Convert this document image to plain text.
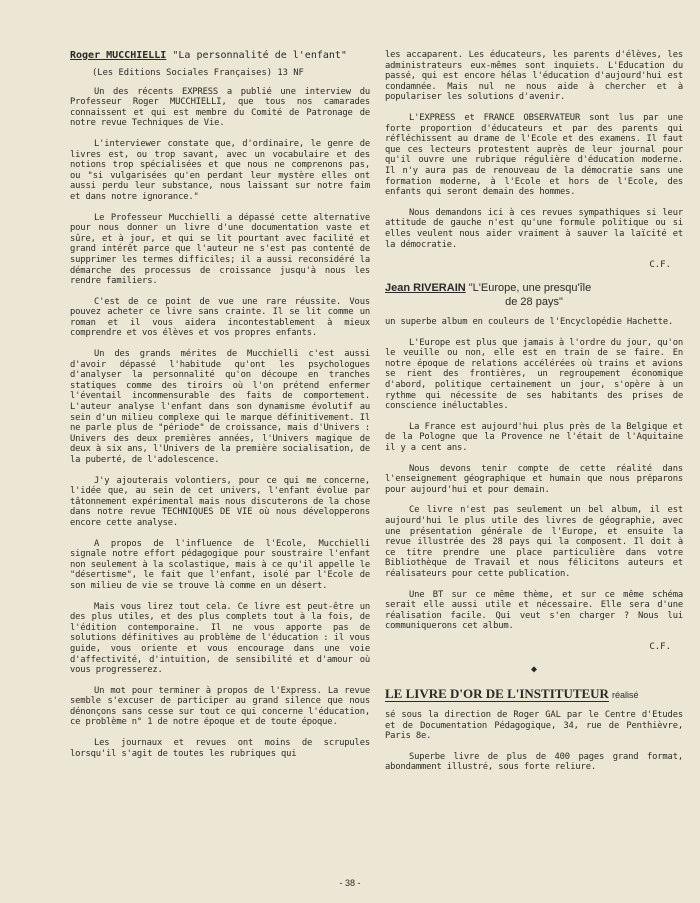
Roger MUCCHIELLI "La personnalité de l'enfant"
(Les Editions Sociales Françaises) 13 NF

Un des récents EXPRESS a publié une interview du Professeur Roger MUCCHIELLI, que tous nos camarades connaissent et qui est membre du Comité de Patronage de notre revue Techniques de Vie.

L'interviewer constate que, d'ordinaire, le genre de livres est, ou trop savant, avec un vocabulaire et des notions trop spécialisées et que nous ne comprenons pas, ou "si vulgarisées qu'en perdant leur mystère elles ont aussi perdu leur substance, nous laissant sur notre faim et dans notre ignorance."

Le Professeur Mucchielli a dépassé cette alternative pour nous donner un livre d'une documentation vaste et sûre, et à jour, et qui se lit pourtant avec facilité et grand intérêt parce que l'auteur ne s'est pas contenté de supprimer les termes difficiles; il a aussi reconsidéré la démarche des processus de croissance jusqu'à nous les rendre familiers.

C'est de ce point de vue une rare réussite. Vous pouvez acheter ce livre sans crainte. Il se lit comme un roman et il vous aidera incontestablement à mieux comprendre et vos élèves et vos propres enfants.

Un des grands mérites de Mucchielli c'est aussi d'avoir dépassé l'habitude qu'ont les psychologues d'analyser la personnalité qu'on découpe en tranches statiques comme des tiroirs où l'on prétend enfermer l'éventail incommensurable des faits de comportement. L'auteur analyse l'enfant dans son dynamisme évolutif au sein d'un milieu complexe qui le marque définitivement. Il ne parle plus de "période" de croissance, mais d'Univers : Univers des deux premières années, l'Univers magique de deux à six ans, l'Univers de la première socialisation, de la puberté, de l'adolescence.

J'y ajouterais volontiers, pour ce qui me concerne, l'idée que, au sein de cet univers, l'enfant évolue par tâtonnement expérimental mais nous discuterons de la chose dans notre revue TECHNIQUES DE VIE où nous développerons encore cette analyse.

A propos de l'influence de l'Ecole, Mucchielli signale notre effort pédagogique pour soustraire l'enfant non seulement à la scolastique, mais à ce qu'il appelle le "désertisme", le fait que l'enfant, isolé par l'Ecole de son milieu de vie se trouve là comme en un désert.

Mais vous lirez tout cela. Ce livre est peut-être un des plus utiles, et des plus complets tout à la fois, de l'édition contemporaine. Il ne vous apporte pas de solutions définitives au problème de l'éducation : il vous guide, vous oriente et vous encourage dans une voie d'affectivité, d'intuition, de sensibilité et d'amour où vous progresserez.

Un mot pour terminer à propos de l'Express. La revue semble s'excuser de participer au grand silence que nous dénonçons sans cesse sur tout ce qui concerne l'éducation, ce problème n° 1 de notre époque et de toute époque.

Les journaux et revues ont moins de scrupules lorsqu'il s'agit de toutes les rubriques qui

les accaparent. Les éducateurs, les parents d'élèves, les administrateurs eux-mêmes sont inquiets. L'Education du passé, qui est encore hélas l'éducation d'aujourd'hui est condamnée. Mais nul ne nous aide à chercher et à populariser les solutions d'avenir.

L'EXPRESS et FRANCE OBSERVATEUR sont lus par une forte proportion d'éducateurs et par des parents qui réfléchissent au drame de l'Ecole et des examens. Il faut que ces lecteurs protestent auprès de leur journal pour qu'il ouvre une rubrique régulière d'éducation moderne. Il n'y aura pas de renouveau de la démocratie sans une formation moderne, à l'Ecole et hors de l'Ecole, des enfants qui seront demain des hommes.

Nous demandons ici à ces revues sympathiques si leur attitude de gauche n'est qu'une formule politique ou si elles veulent nous aider vraiment à sauver la laïcité et la démocratie.

C.F.
Jean RIVERAIN "L'Europe, une presqu'île
de 28 pays"

un superbe album en couleurs de l'Encyclopédie Hachette.

L'Europe est plus que jamais à l'ordre du jour, qu'on le veuille ou non, elle est en train de se faire. En notre époque de relations accélérées où trains et avions se rient des frontières, un regroupement économique d'abord, politique certainement un jour, s'opère à un rythme qui nécessite de ses habitants des prises de conscience inéluctables.

La France est aujourd'hui plus près de la Belgique et de la Pologne que la Provence ne l'était de l'Aquitaine il y a cent ans.

Nous devons tenir compte de cette réalité dans l'enseignement géographique et humain que nous préparons pour aujourd'hui et pour demain.

Ce livre n'est pas seulement un bel album, il est aujourd'hui le plus utile des livres de géographie, avec une présentation générale de l'Europe, et ensuite la revue illustrée des 28 pays qui la composent. Il doit à ce titre prendre une place particulière dans votre Bibliothèque de Travail et nous félicitons auteurs et réalisateurs pour cette publication.

Une BT sur ce même thème, et sur ce même schéma serait elle aussi utile et nécessaire. Elle sera d'une réalisation facile. Qui veut s'en charger ? Nous lui communiquerons cet album.

C.F.
◆
LE LIVRE D'OR DE L'INSTITUTEUR réalisé

sé sous la direction de Roger GAL par le Centre d'Etudes et de Documentation Pédagogique, 34, rue de Penthièvre, Paris 8e.

Superbe livre de plus de 400 pages grand format, abondamment illustré, sous forte reliure.

- 38 -
